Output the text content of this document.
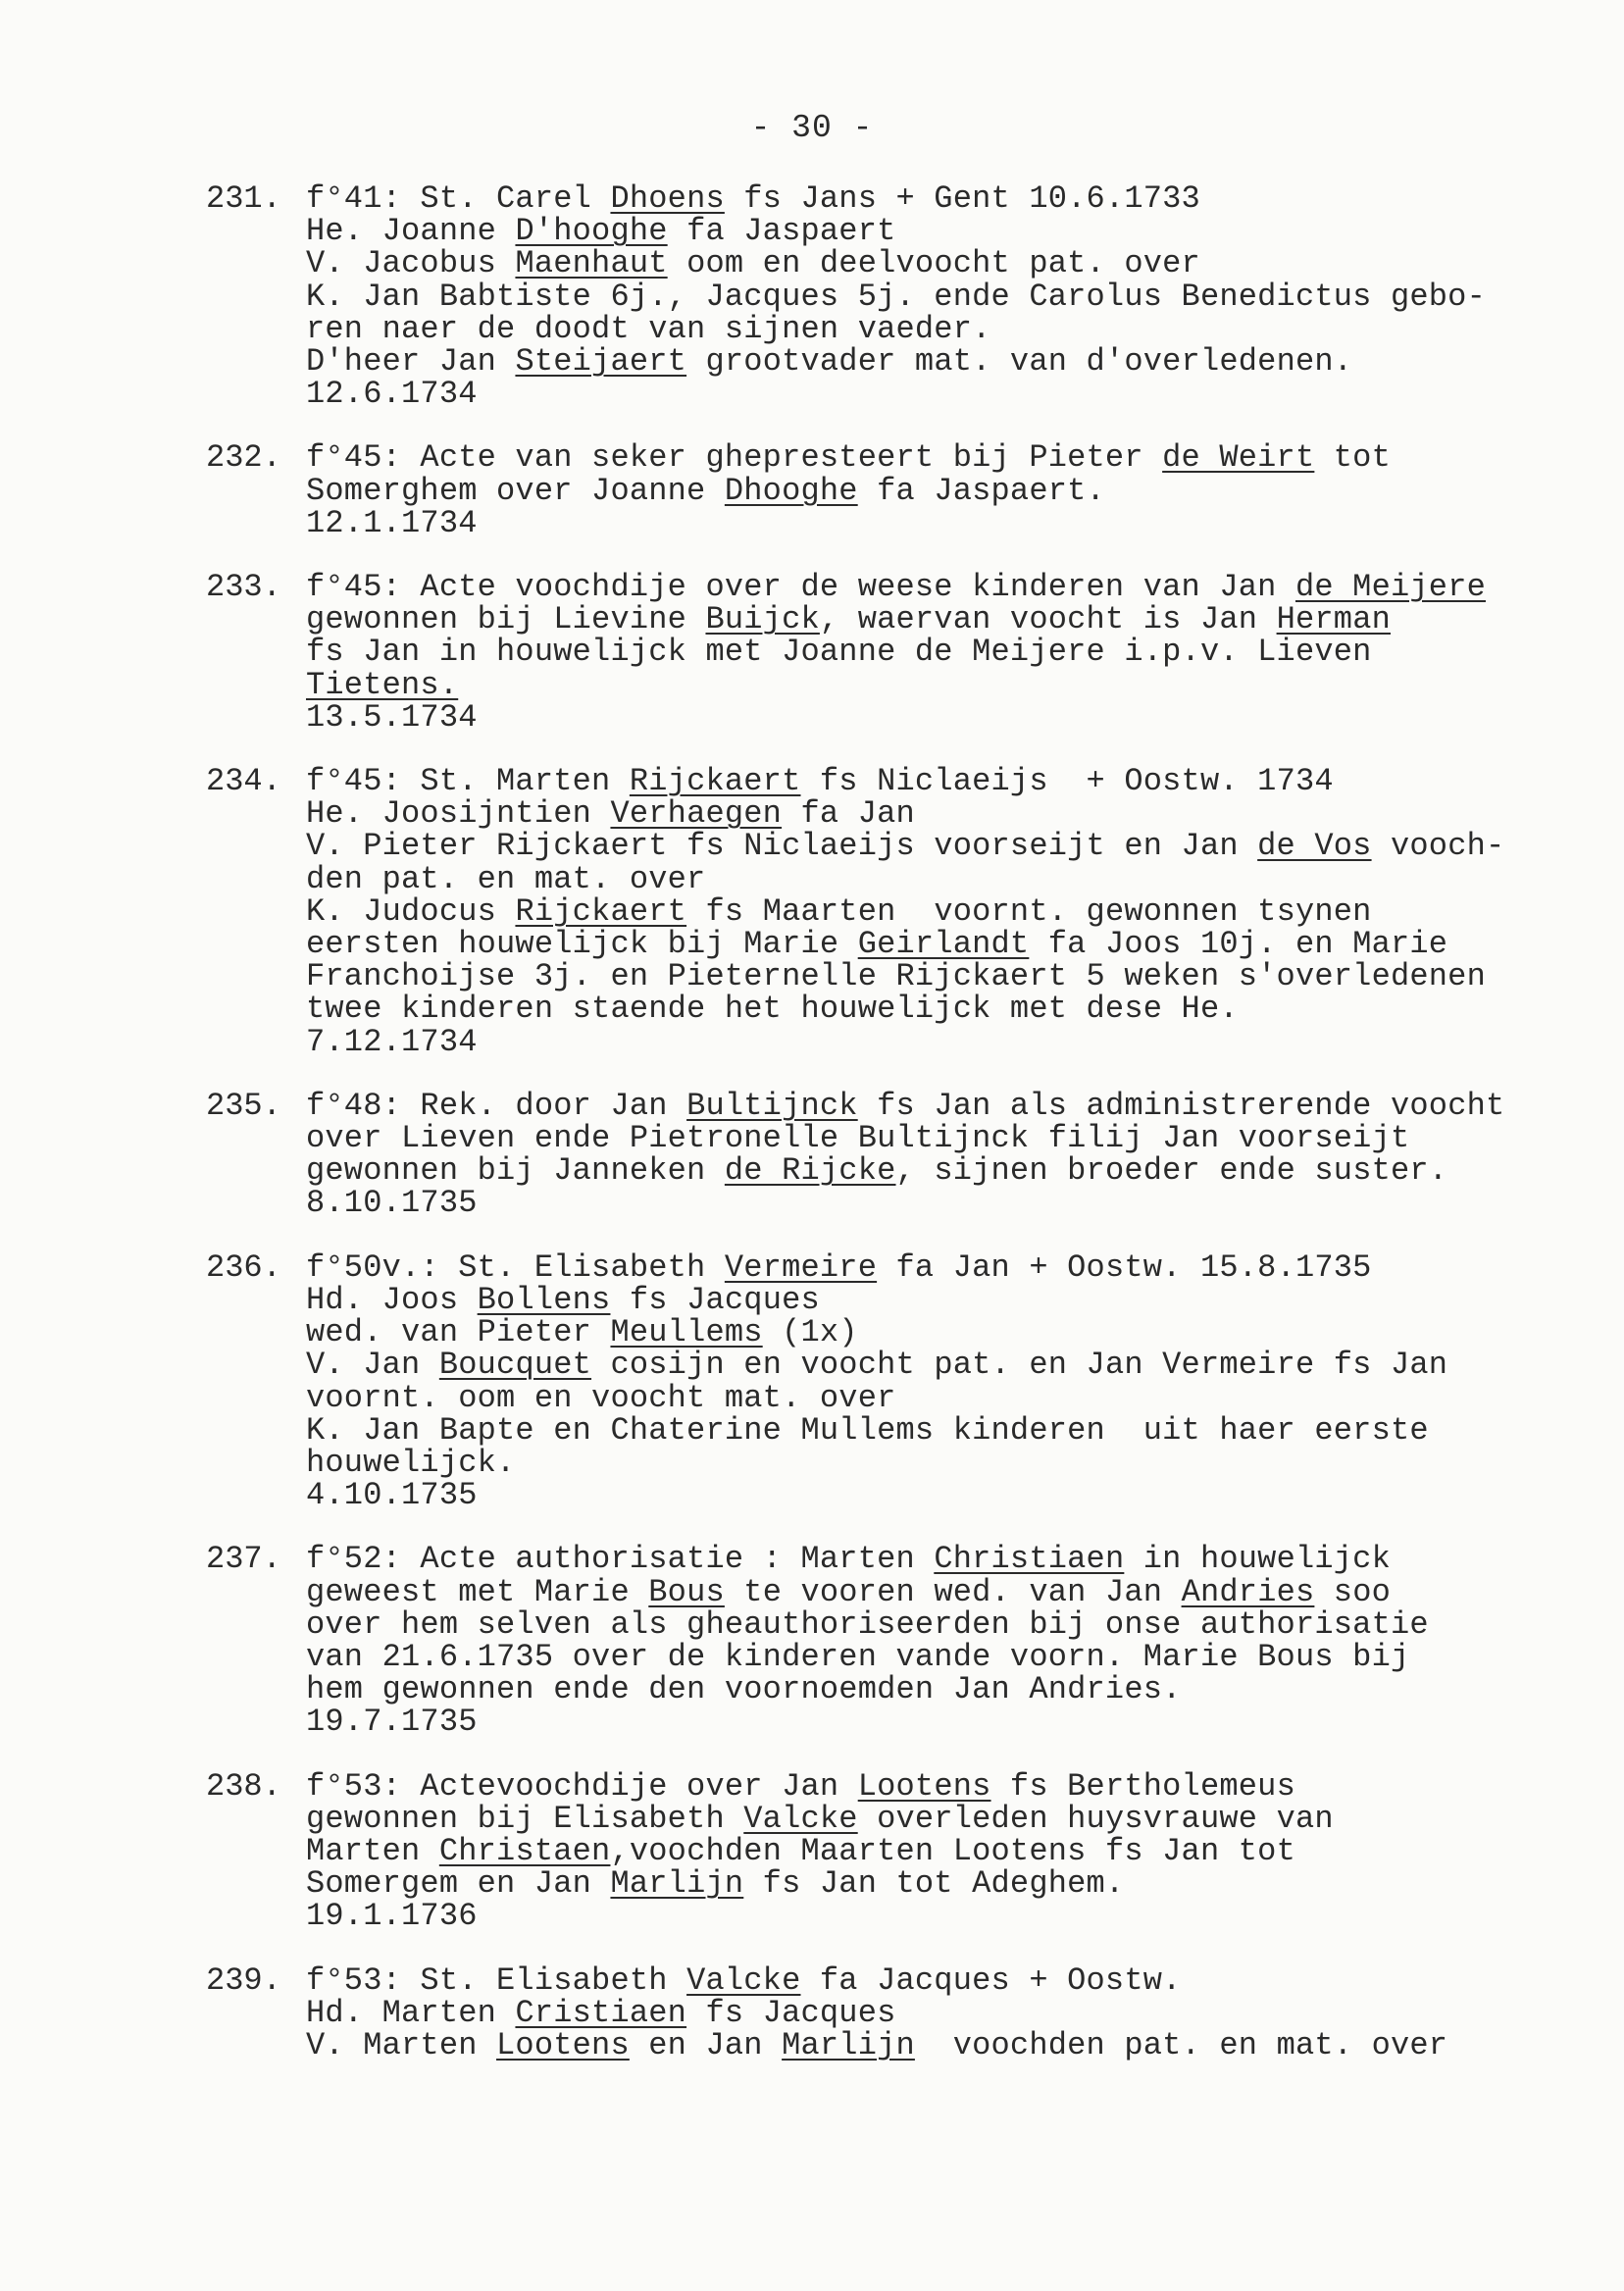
- 30 -
231. f°41: St. Carel Dhoens fs Jans + Gent 10.6.1733
He. Joanne D'hooghe fa Jaspaert
V. Jacobus Maenhaut oom en deelvoocht pat. over
K. Jan Babtiste 6j., Jacques 5j. ende Carolus Benedictus gebo-
ren naer de doodt van sijnen vaeder.
D'heer Jan Steijaert grootvader mat. van d'overledenen.
12.6.1734
232. f°45: Acte van seker ghepresteert bij Pieter de Weirt tot
Somerghem over Joanne Dhooghe fa Jaspaert.
12.1.1734
233. f°45: Acte voochdije over de weese kinderen van Jan de Meijere
gewonnen bij Lievine Buijck, waervan voocht is Jan Herman
fs Jan in houwelijck met Joanne de Meijere i.p.v. Lieven
Tietens.
13.5.1734
234. f°45: St. Marten Rijckaert fs Niclaeijs  + Oostw. 1734
He. Joosijntien Verhaegen fa Jan
V. Pieter Rijckaert fs Niclaeijs voorseijt en Jan de Vos vooch-
den pat. en mat. over
K. Judocus Rijckaert fs Maarten  voornt. gewonnen tsynen
eersten houwelijck bij Marie Geirlandt fa Joos 10j. en Marie
Franchoijse 3j. en Pieternelle Rijckaert 5 weken s'overledenen
twee kinderen staende het houwelijck met dese He.
7.12.1734
235. f°48: Rek. door Jan Bultijnck fs Jan als administrerende voocht
over Lieven ende Pietronelle Bultijnck filij Jan voorseijt
gewonnen bij Janneken de Rijcke, sijnen broeder ende suster.
8.10.1735
236. f°50v.: St. Elisabeth Vermeire fa Jan + Oostw. 15.8.1735
Hd. Joos Bollens fs Jacques
wed. van Pieter Meullems (1x)
V. Jan Boucquet cosijn en voocht pat. en Jan Vermeire fs Jan
voornt. oom en voocht mat. over
K. Jan Bapte en Chaterine Mullems kinderen  uit haer eerste
houwelijck.
4.10.1735
237. f°52: Acte authorisatie : Marten Christiaen in houwelijck
geweest met Marie Bous te vooren wed. van Jan Andries soo
over hem selven als gheauthoriseerden bij onse authorisatie
van 21.6.1735 over de kinderen vande voorn. Marie Bous bij
hem gewonnen ende den voornoemden Jan Andries.
19.7.1735
238. f°53: Actevoochdije over Jan Lootens fs Bertholemeus
gewonnen bij Elisabeth Valcke overleden huysvrauwe van
Marten Christaen,voochden Maarten Lootens fs Jan tot
Somergem en Jan Marlijn fs Jan tot Adeghem.
19.1.1736
239. f°53: St. Elisabeth Valcke fa Jacques + Oostw.
Hd. Marten Cristiaen fs Jacques
V. Marten Lootens en Jan Marlijn  voochden pat. en mat. over
